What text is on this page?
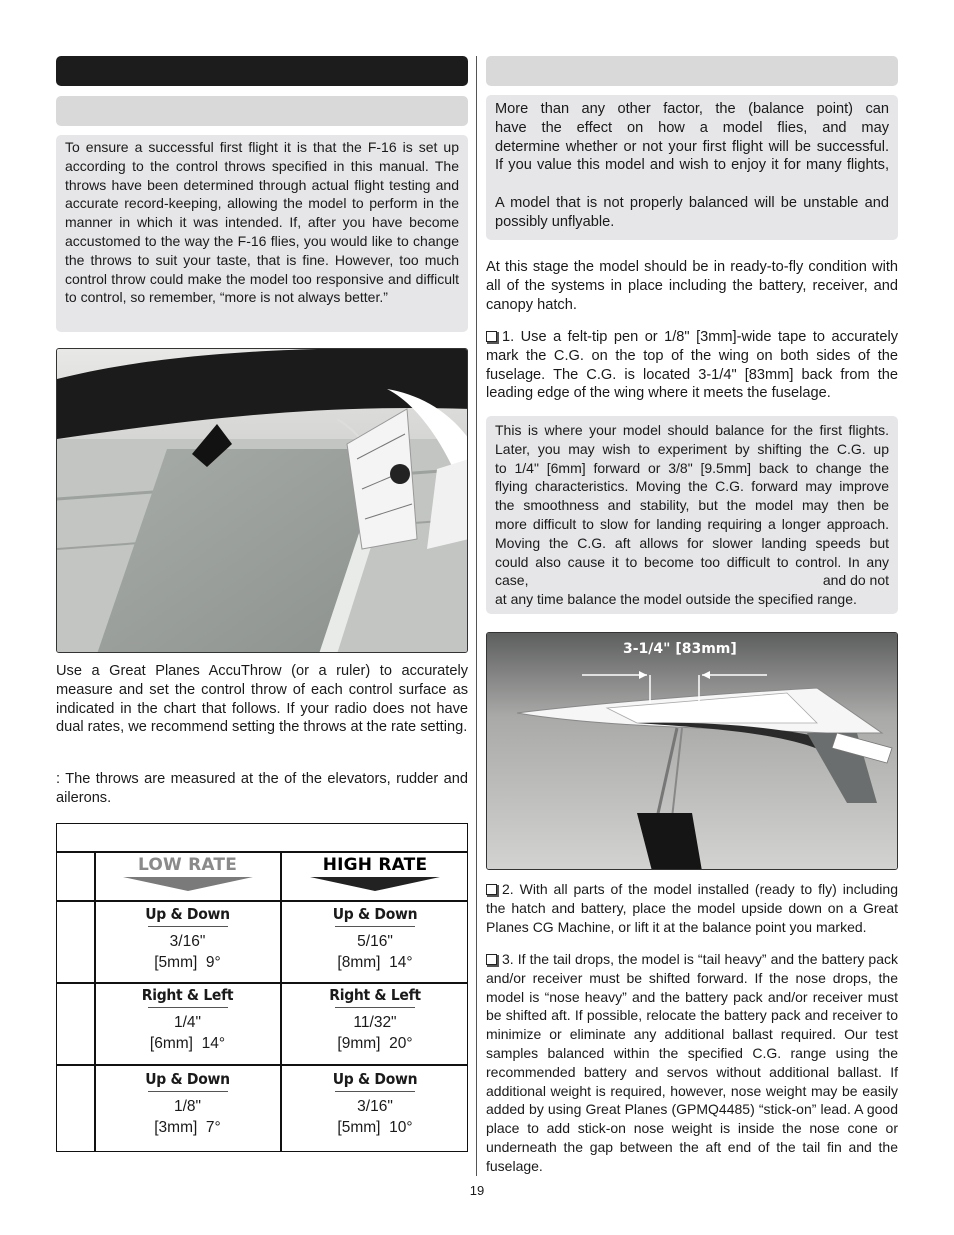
To ensure a successful first flight it is that the F-16 is set up according to the control throws specified in this manual. The throws have been determined through actual flight testing and accurate record-keeping, allowing the model to perform in the manner in which it was intended. If, after you have become accustomed to the way the F-16 flies, you would like to change the throws to suit your taste, that is fine. However, too much control throw could make the model too responsive and difficult to control, so remember, “more is not always better.”
Use a Great Planes AccuThrow (or a ruler) to accurately measure and set the control throw of each control surface as indicated in the chart that follows. If your radio does not have dual rates, we recommend setting the throws at the rate setting.
: The throws are measured at the of the elevators, rudder and ailerons.
LOW RATE	HIGH RATE
Up & Down
3/16"
[5mm] 9°
Up & Down
5/16"
[8mm] 14°
Right & Left
1/4"
[6mm] 14°
Right & Left
11/32"
[9mm] 20°
Up & Down
1/8"
[3mm] 7°
Up & Down
3/16"
[5mm] 10°

More than any other factor, the (balance point) can

have the effect on how a model flies, and may

determine whether or not your first flight will be successful.

If you value this model and wish to enjoy it for many flights,

A model that is not properly balanced will be unstable and possibly unflyable.

At this stage the model should be in ready-to-fly condition with all of the systems in place including the battery, receiver, and canopy hatch.
1. Use a felt-tip pen or 1/8" [3mm]-wide tape to accurately mark the C.G. on the top of the wing on both sides of the fuselage. The C.G. is located 3-1/4" [83mm] back from the leading edge of the wing where it meets the fuselage.

This is where your model should balance for the first flights.

Later, you may wish to experiment by shifting the C.G. up

to 1/4" [6mm] forward or 3/8" [9.5mm] back to change the

flying characteristics. Moving the C.G. forward may improve

the smoothness and stability, but the model may then be

more difficult to slow for landing requiring a longer approach.

Moving the C.G. aft allows for slower landing speeds but

could also cause it to become too difficult to control. In any

case,	and do not

at any time balance the model outside the specified range.

3-1/4" [83mm]
2. With all parts of the model installed (ready to fly) including the hatch and battery, place the model upside down on a Great Planes CG Machine, or lift it at the balance point you marked.
3. If the tail drops, the model is “tail heavy” and the battery pack and/or receiver must be shifted forward. If the nose drops, the model is “nose heavy” and the battery pack and/or receiver must be shifted aft. If possible, relocate the battery pack and receiver to minimize or eliminate any additional ballast required. Our test samples balanced within the specified C.G. range using the recommended battery and servos without additional ballast. If additional weight is required, however, nose weight may be easily added by using Great Planes (GPMQ4485) “stick-on” lead. A good place to add stick-on nose weight is inside the nose cone or underneath the gap between the aft end of the tail fin and the fuselage.
19
